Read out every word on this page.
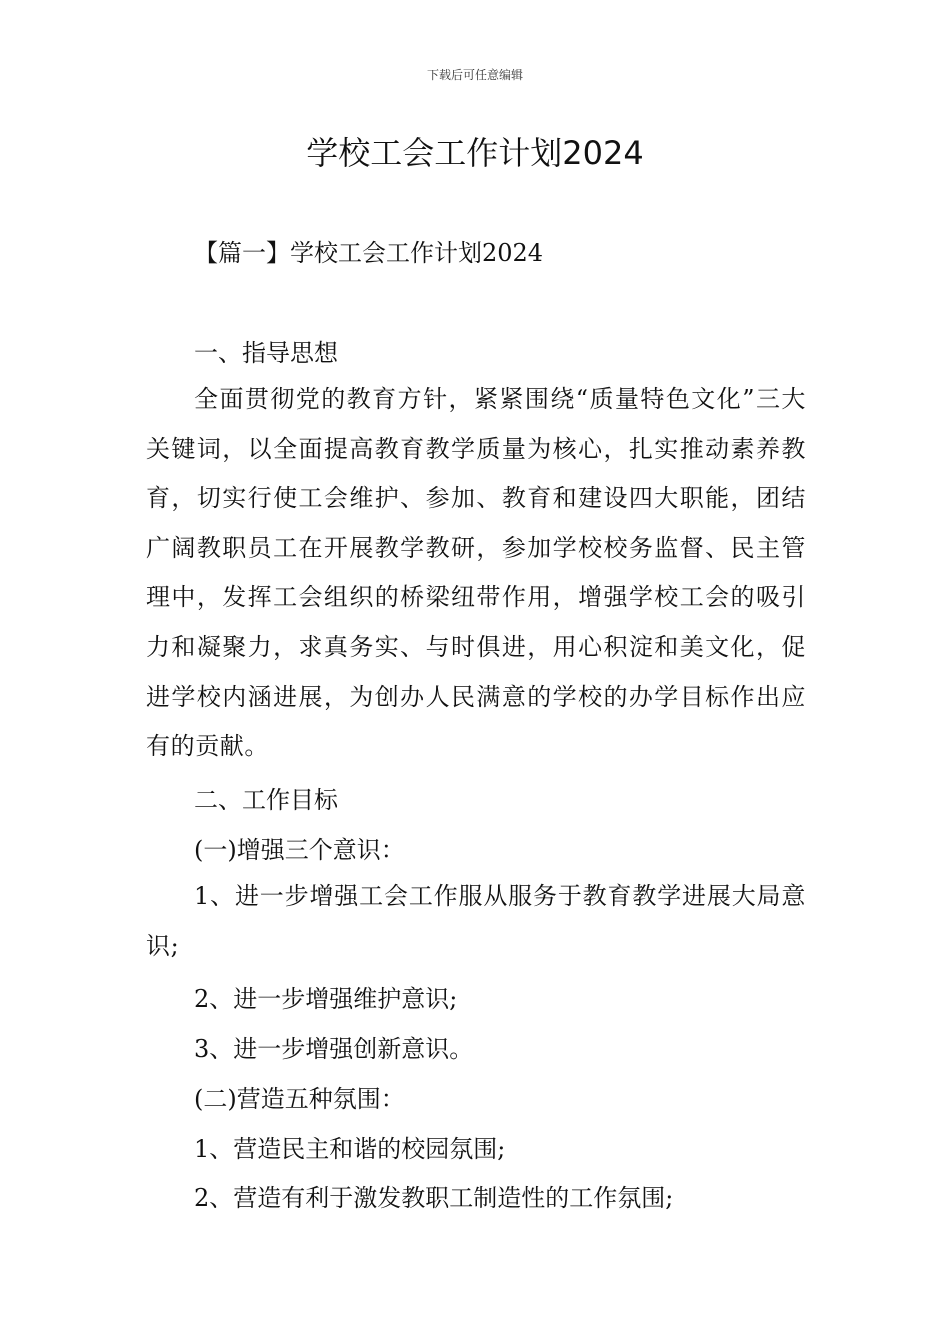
下载后可任意编辑
学校工会工作计划2024
【篇一】学校工会工作计划2024
一、指导思想
全面贯彻党的教育方针，紧紧围绕“质量特色文化”三大关键词，以全面提高教育教学质量为核心，扎实推动素养教育，切实行使工会维护、参加、教育和建设四大职能，团结广阔教职员工在开展教学教研，参加学校校务监督、民主管理中，发挥工会组织的桥梁纽带作用，增强学校工会的吸引力和凝聚力，求真务实、与时俱进，用心积淀和美文化，促进学校内涵进展，为创办人民满意的学校的办学目标作出应有的贡献。
二、工作目标
(一)增强三个意识：
1、进一步增强工会工作服从服务于教育教学进展大局意识;
2、进一步增强维护意识;
3、进一步增强创新意识。
(二)营造五种氛围：
1、营造民主和谐的校园氛围;
2、营造有利于激发教职工制造性的工作氛围;
